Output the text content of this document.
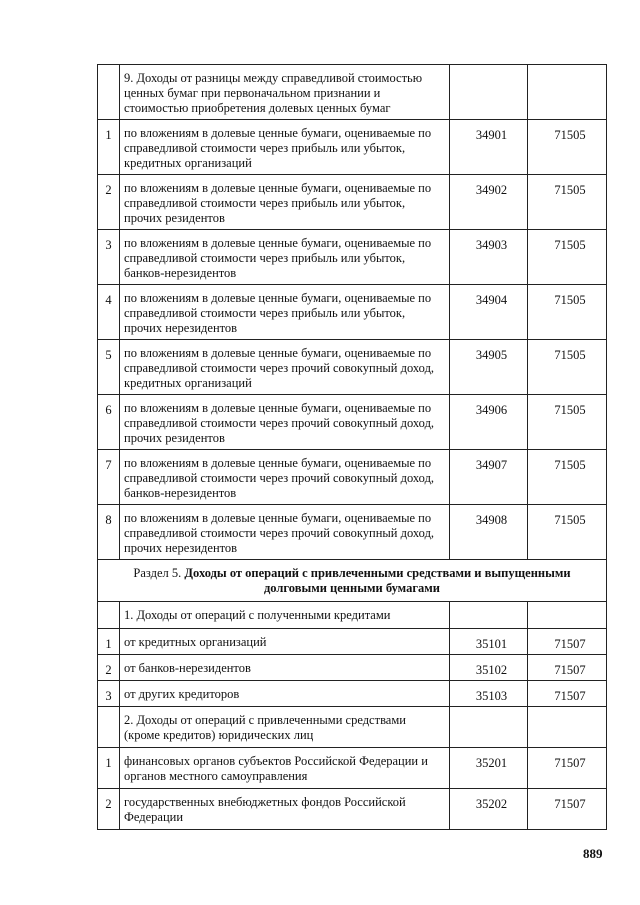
	9. Доходы от разницы между справедливой стоимостью ценных бумаг при первоначальном признании и стоимостью приобретения долевых ценных бумаг		
1	по вложениям в долевые ценные бумаги, оцениваемые по справедливой стоимости через прибыль или убыток, кредитных организаций	34901	71505
2	по вложениям в долевые ценные бумаги, оцениваемые по справедливой стоимости через прибыль или убыток, прочих резидентов	34902	71505
3	по вложениям в долевые ценные бумаги, оцениваемые по справедливой стоимости через прибыль или убыток, банков-нерезидентов	34903	71505
4	по вложениям в долевые ценные бумаги, оцениваемые по справедливой стоимости через прибыль или убыток, прочих нерезидентов	34904	71505
5	по вложениям в долевые ценные бумаги, оцениваемые по справедливой стоимости через прочий совокупный доход, кредитных организаций	34905	71505
6	по вложениям в долевые ценные бумаги, оцениваемые по справедливой стоимости через прочий совокупный доход, прочих резидентов	34906	71505
7	по вложениям в долевые ценные бумаги, оцениваемые по справедливой стоимости через прочий совокупный доход, банков-нерезидентов	34907	71505
8	по вложениям в долевые ценные бумаги, оцениваемые по справедливой стоимости через прочий совокупный доход, прочих нерезидентов	34908	71505
Раздел 5. Доходы от операций с привлеченными средствами и выпущенными долговыми ценными бумагами			
	1. Доходы от операций с полученными кредитами		
1	от кредитных организаций	35101	71507
2	от банков-нерезидентов	35102	71507
3	от других кредиторов	35103	71507
	2. Доходы от операций с привлеченными средствами (кроме кредитов) юридических лиц		
1	финансовых органов субъектов Российской Федерации и органов местного самоуправления	35201	71507
2	государственных внебюджетных фондов Российской Федерации	35202	71507
889
